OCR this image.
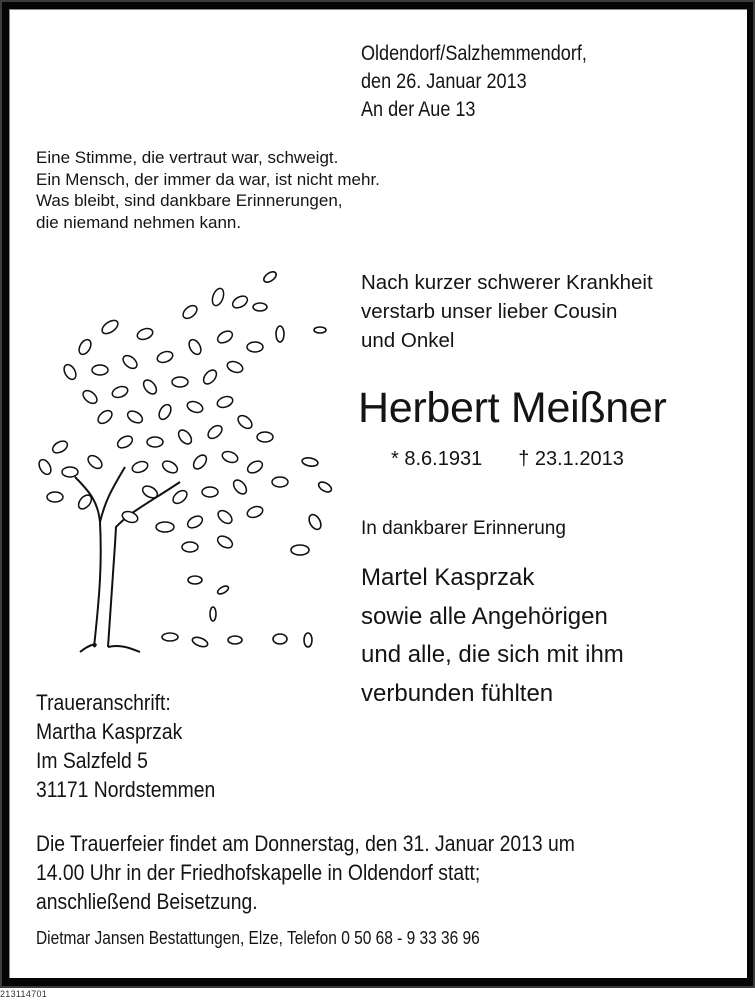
Oldendorf/Salzhemmendorf,
den 26. Januar 2013
An der Aue 13
Eine Stimme, die vertraut war, schweigt.
Ein Mensch, der immer da war, ist nicht mehr.
Was bleibt, sind dankbare Erinnerungen,
die niemand nehmen kann.
Nach kurzer schwerer Krankheit
verstarb unser lieber Cousin
und Onkel
Herbert Meißner
* 8.6.1931 † 23.1.2013
In dankbarer Erinnerung
Martel Kasprzak
sowie alle Angehörigen
und alle, die sich mit ihm
verbunden fühlten
Traueranschrift:
Martha Kasprzak
Im Salzfeld 5
31171 Nordstemmen
Die Trauerfeier findet am Donnerstag, den 31. Januar 2013 um
14.00 Uhr in der Friedhofskapelle in Oldendorf statt;
anschließend Beisetzung.
Dietmar Jansen Bestattungen, Elze, Telefon 0 50 68 - 9 33 36 96
213114701
